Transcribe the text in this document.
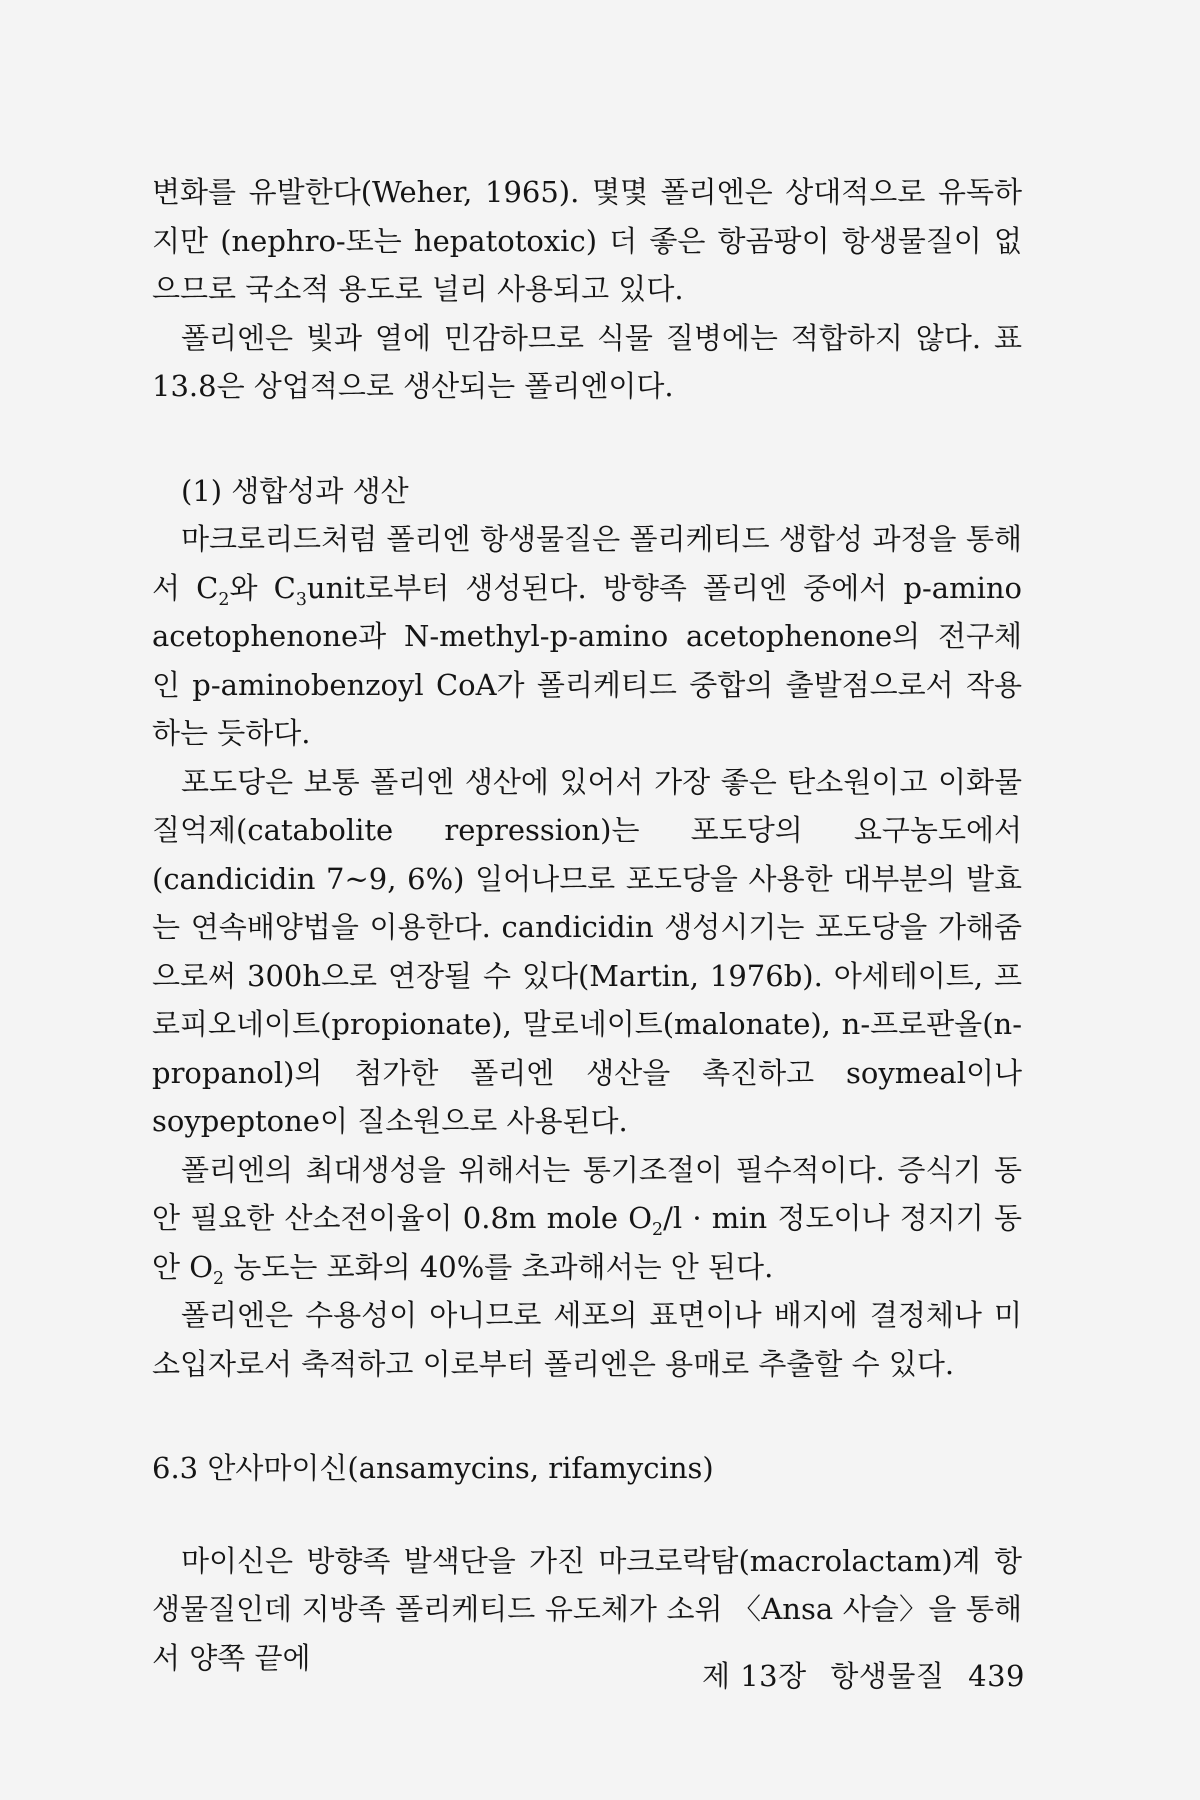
변화를 유발한다(Weher, 1965). 몇몇 폴리엔은 상대적으로 유독하지만 (nephro-또는 hepatotoxic) 더 좋은 항곰팡이 항생물질이 없으므로 국소적 용도로 널리 사용되고 있다.

폴리엔은 빛과 열에 민감하므로 식물 질병에는 적합하지 않다. 표 13.8은 상업적으로 생산되는 폴리엔이다.

(1) 생합성과 생산

마크로리드처럼 폴리엔 항생물질은 폴리케티드 생합성 과정을 통해서 $C_2$와 $C_3unit$로부터 생성된다. 방향족 폴리엔 중에서 p-amino acetophenone과 N-methyl-p-amino acetophenone의 전구체인 p-aminobenzoyl CoA가 폴리케티드 중합의 출발점으로서 작용하는 듯하다.

포도당은 보통 폴리엔 생산에 있어서 가장 좋은 탄소원이고 이화물질억제(catabolite repression)는 포도당의 요구농도에서(candicidin 7~9, 6%) 일어나므로 포도당을 사용한 대부분의 발효는 연속배양법을 이용한다. candicidin 생성시기는 포도당을 가해줌으로써 300h으로 연장될 수 있다(Martin, 1976b). 아세테이트, 프로피오네이트(propionate), 말로네이트(malonate), n-프로판올(n-propanol)의 첨가한 폴리엔 생산을 촉진하고 soymeal이나 soypeptone이 질소원으로 사용된다.

폴리엔의 최대생성을 위해서는 통기조절이 필수적이다. 증식기 동안 필요한 산소전이율이 0.8m mole $O_2/l \cdot \min$ 정도이나 정지기 동안 $O_2$ 농도는 포화의 40%를 초과해서는 안 된다.

폴리엔은 수용성이 아니므로 세포의 표면이나 배지에 결정체나 미소입자로서 축적하고 이로부터 폴리엔은 용매로 추출할 수 있다.

6.3 안사마이신(ansamycins, rifamycins)

마이신은 방향족 발색단을 가진 마크로락탐(macrolactam)계 항생물질인데 지방족 폴리케티드 유도체가 소위 〈Ansa 사슬〉을 통해서 양쪽 끝에

제 13장 항생물질 439
